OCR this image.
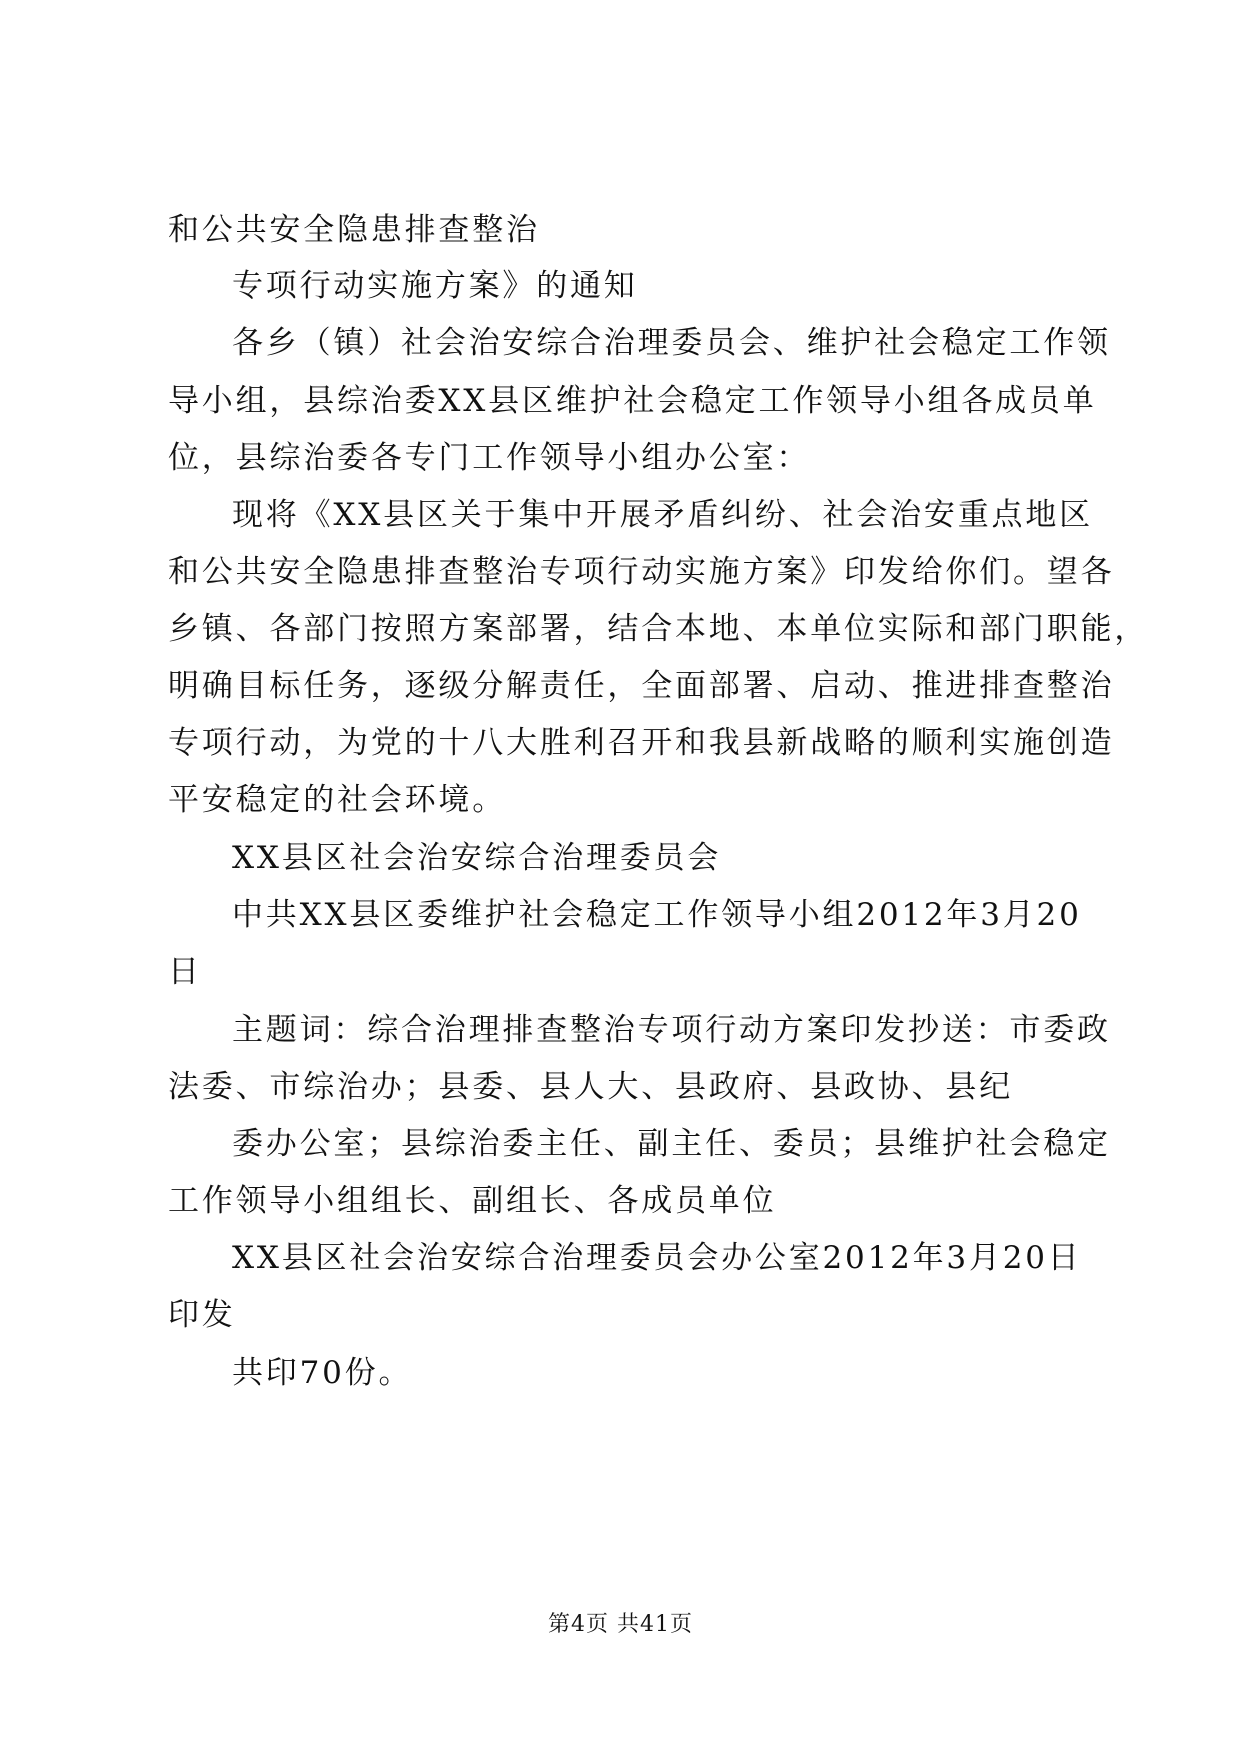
和公共安全隐患排查整治
专项行动实施方案》的通知
各乡（镇）社会治安综合治理委员会、维护社会稳定工作领
导小组，县综治委XX县区维护社会稳定工作领导小组各成员单
位，县综治委各专门工作领导小组办公室：
现将《XX县区关于集中开展矛盾纠纷、社会治安重点地区
和公共安全隐患排查整治专项行动实施方案》印发给你们。望各
乡镇、各部门按照方案部署，结合本地、本单位实际和部门职能，
明确目标任务，逐级分解责任，全面部署、启动、推进排查整治
专项行动，为党的十八大胜利召开和我县新战略的顺利实施创造
平安稳定的社会环境。
XX县区社会治安综合治理委员会
中共XX县区委维护社会稳定工作领导小组2012年3月20
日
主题词：综合治理排查整治专项行动方案印发抄送：市委政
法委、市综治办；县委、县人大、县政府、县政协、县纪
委办公室；县综治委主任、副主任、委员；县维护社会稳定
工作领导小组组长、副组长、各成员单位
XX县区社会治安综合治理委员会办公室2012年3月20日
印发
共印70份。
第4页 共41页
